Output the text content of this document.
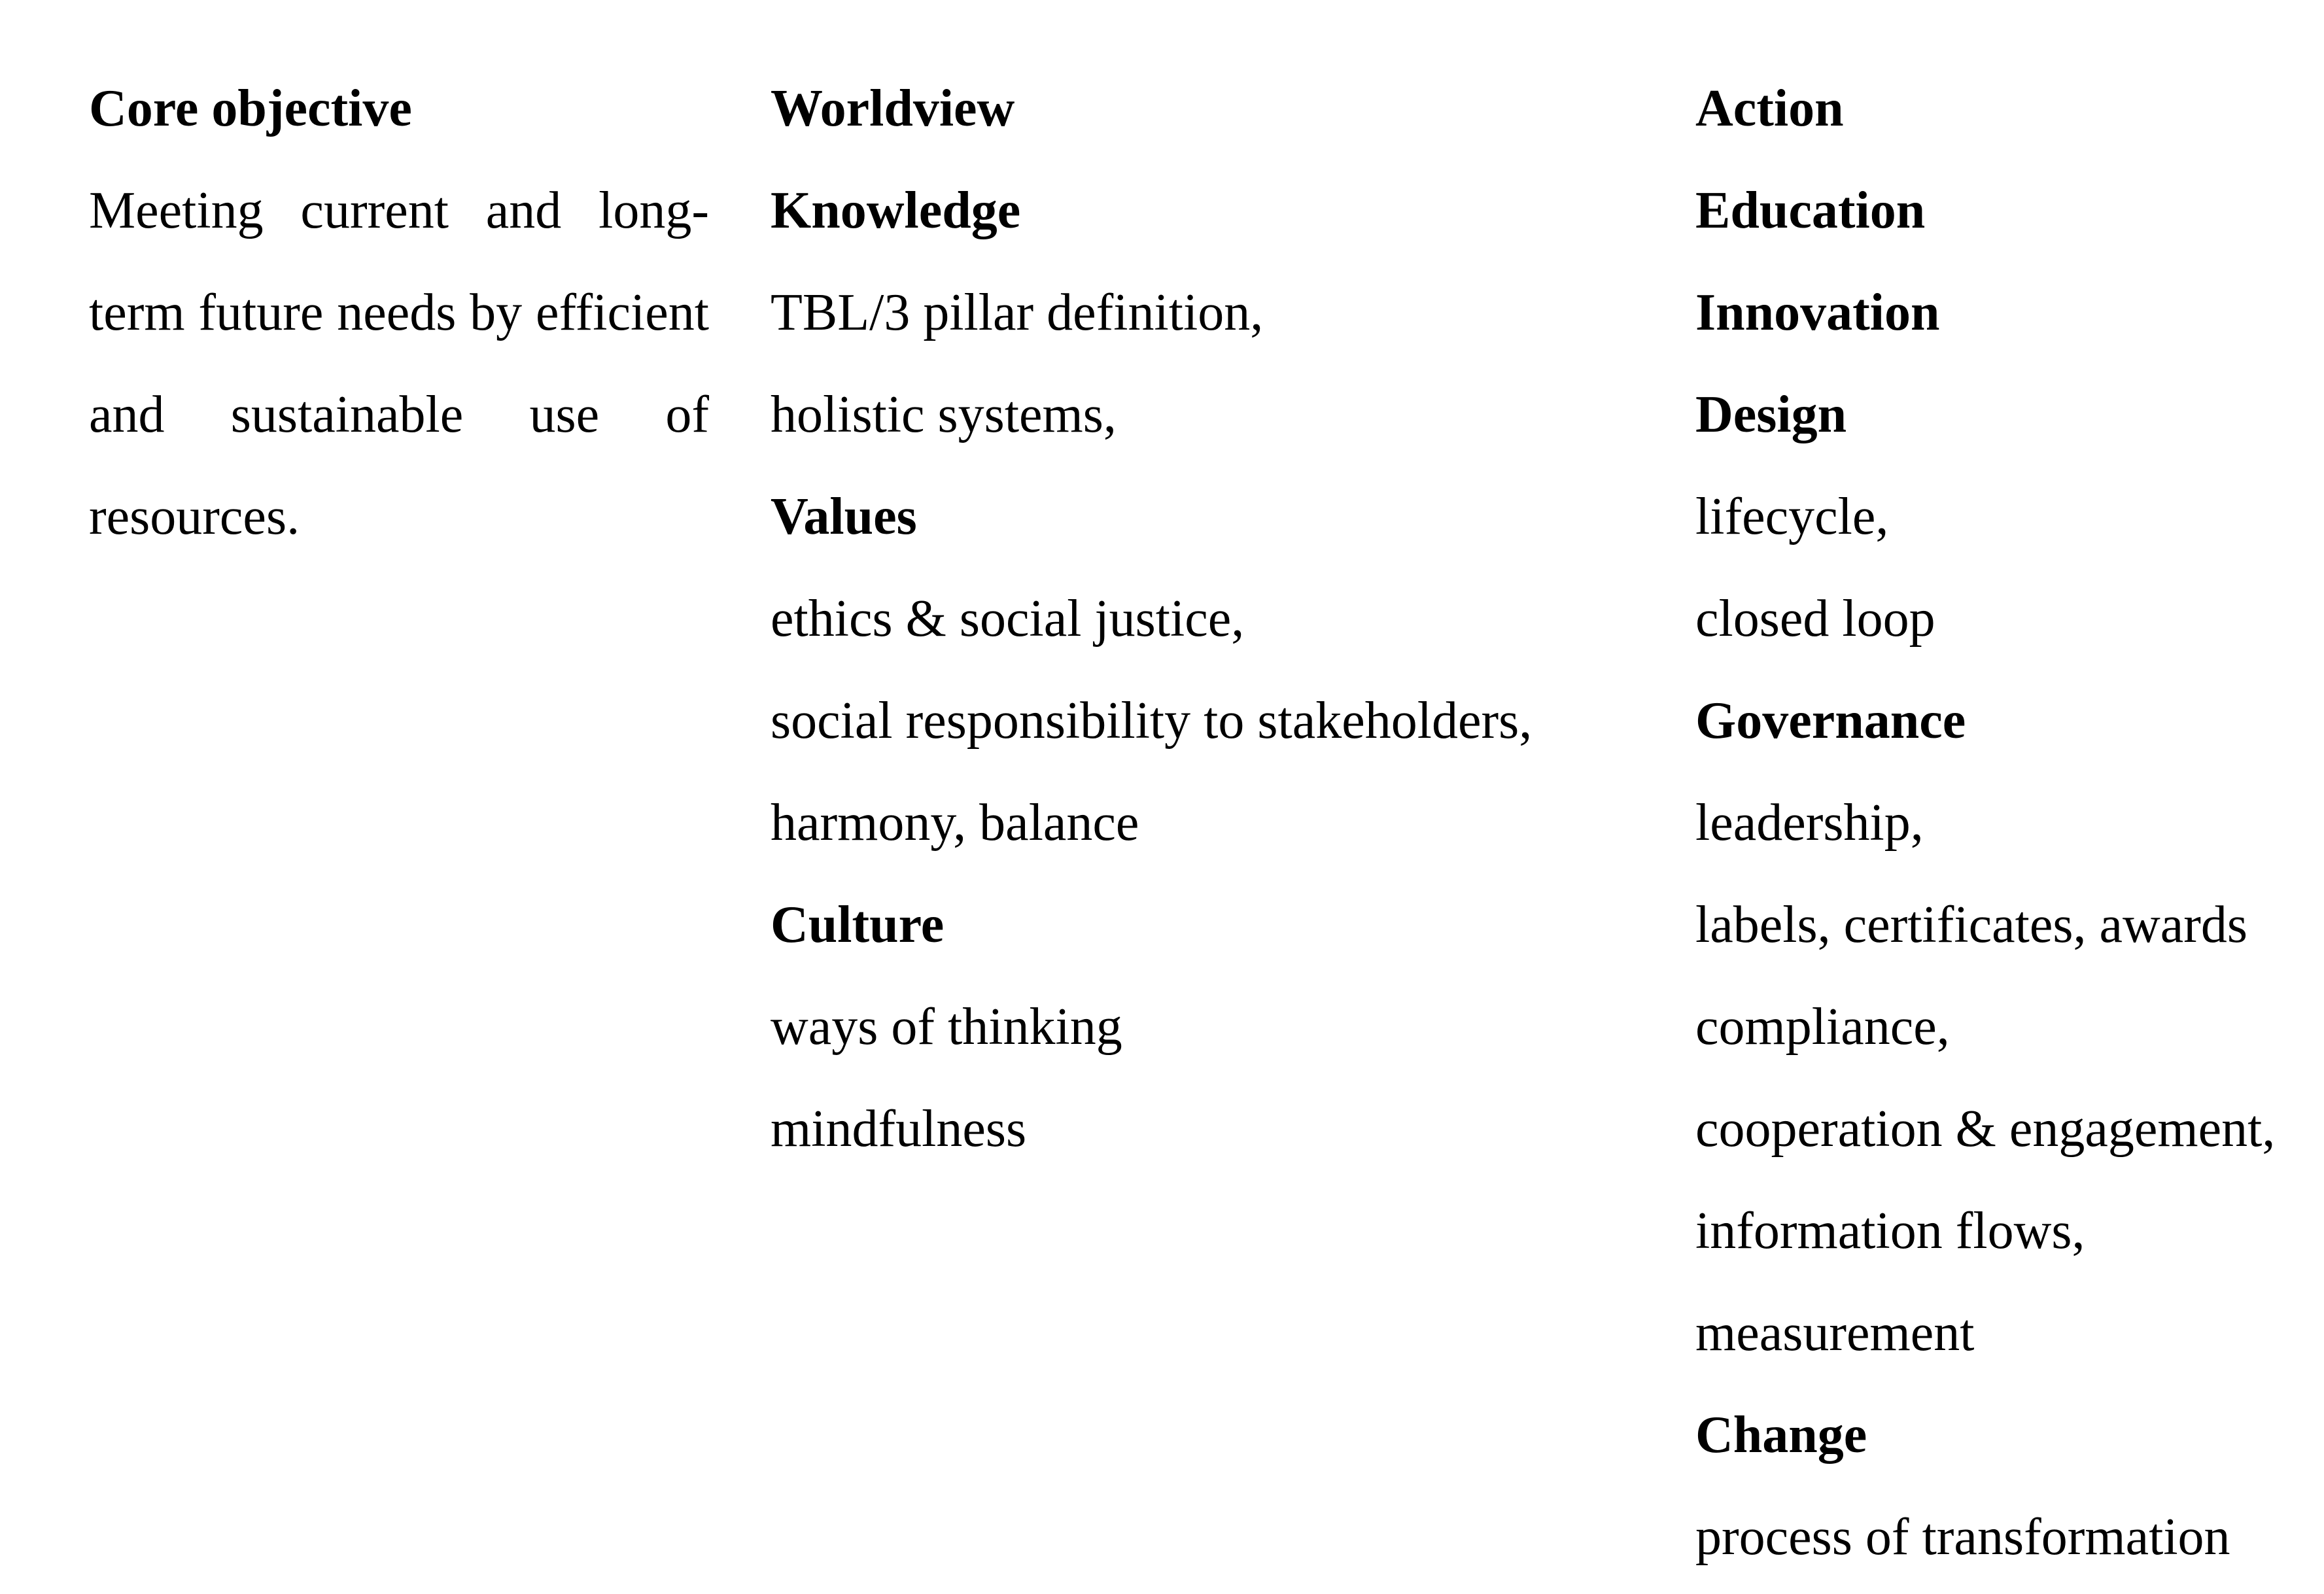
Core objective

Meeting current and long-term future needs by efficient and sustainable use of resources.

Worldview

Knowledge

TBL/3 pillar definition,

holistic systems,

Values

ethics & social justice,

social responsibility to stakeholders,

harmony, balance

Culture

ways of thinking

mindfulness

Action

Education

Innovation

Design

lifecycle,

closed loop

Governance

leadership,

labels, certificates, awards

compliance,

cooperation & engagement,

information flows,

measurement

Change

process of transformation
